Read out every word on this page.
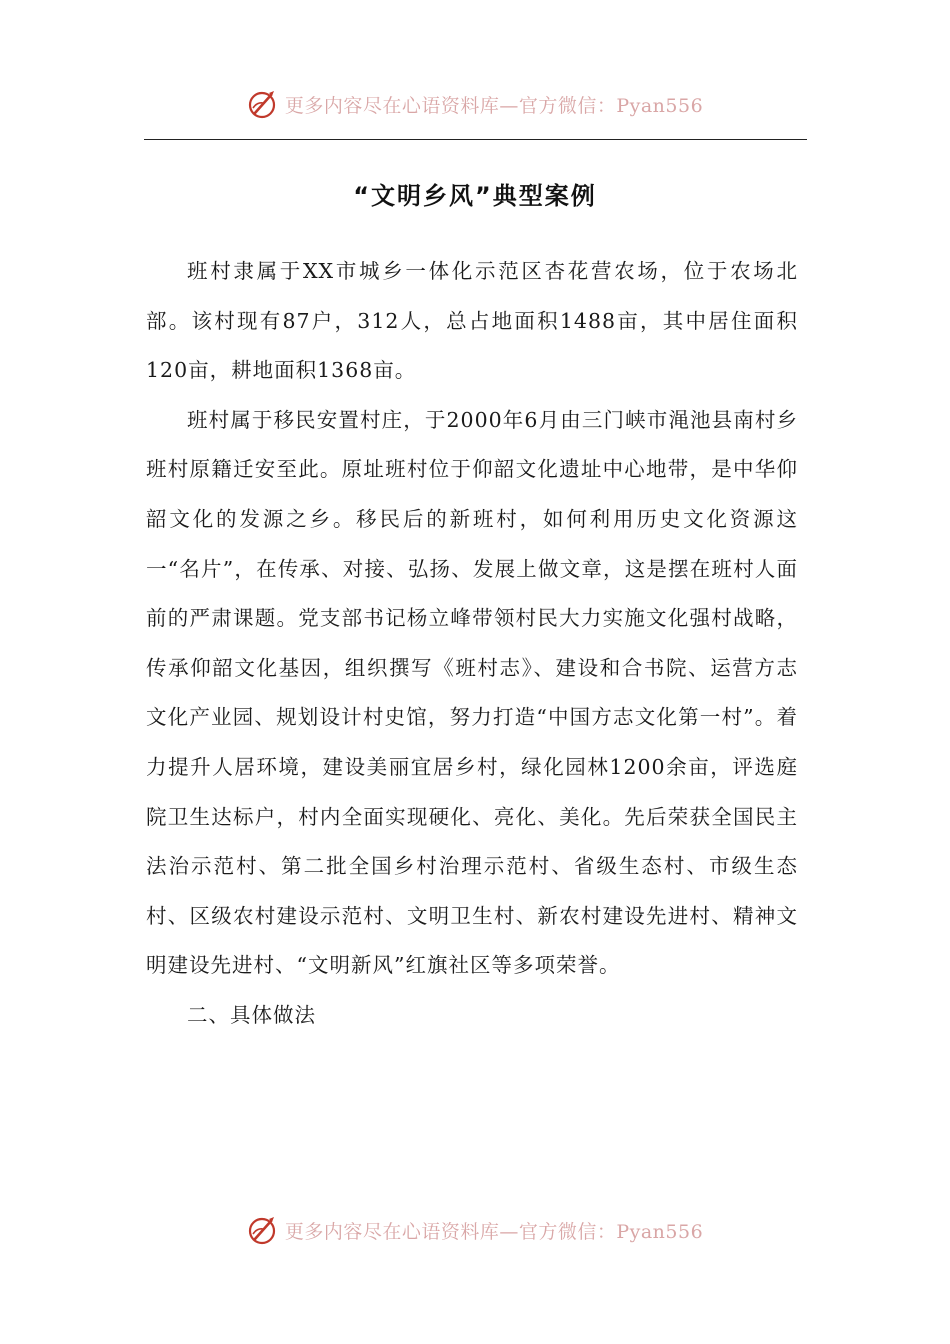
更多内容尽在心语资料库—官方微信：Pyan556
“文明乡风”典型案例

班村隶属于XX市城乡一体化示范区杏花营农场，位于农场北部。该村现有87户，312人，总占地面积1488亩，其中居住面积120亩，耕地面积1368亩。

班村属于移民安置村庄，于2000年6月由三门峡市渑池县南村乡班村原籍迁安至此。原址班村位于仰韶文化遗址中心地带，是中华仰韶文化的发源之乡。移民后的新班村，如何利用历史文化资源这一“名片”，在传承、对接、弘扬、发展上做文章，这是摆在班村人面前的严肃课题。党支部书记杨立峰带领村民大力实施文化强村战略，传承仰韶文化基因，组织撰写《班村志》、建设和合书院、运营方志文化产业园、规划设计村史馆，努力打造“中国方志文化第一村”。着力提升人居环境，建设美丽宜居乡村，绿化园林1200余亩，评选庭院卫生达标户，村内全面实现硬化、亮化、美化。先后荣获全国民主法治示范村、第二批全国乡村治理示范村、省级生态村、市级生态村、区级农村建设示范村、文明卫生村、新农村建设先进村、精神文明建设先进村、“文明新风”红旗社区等多项荣誉。

二、具体做法

更多内容尽在心语资料库—官方微信：Pyan556
